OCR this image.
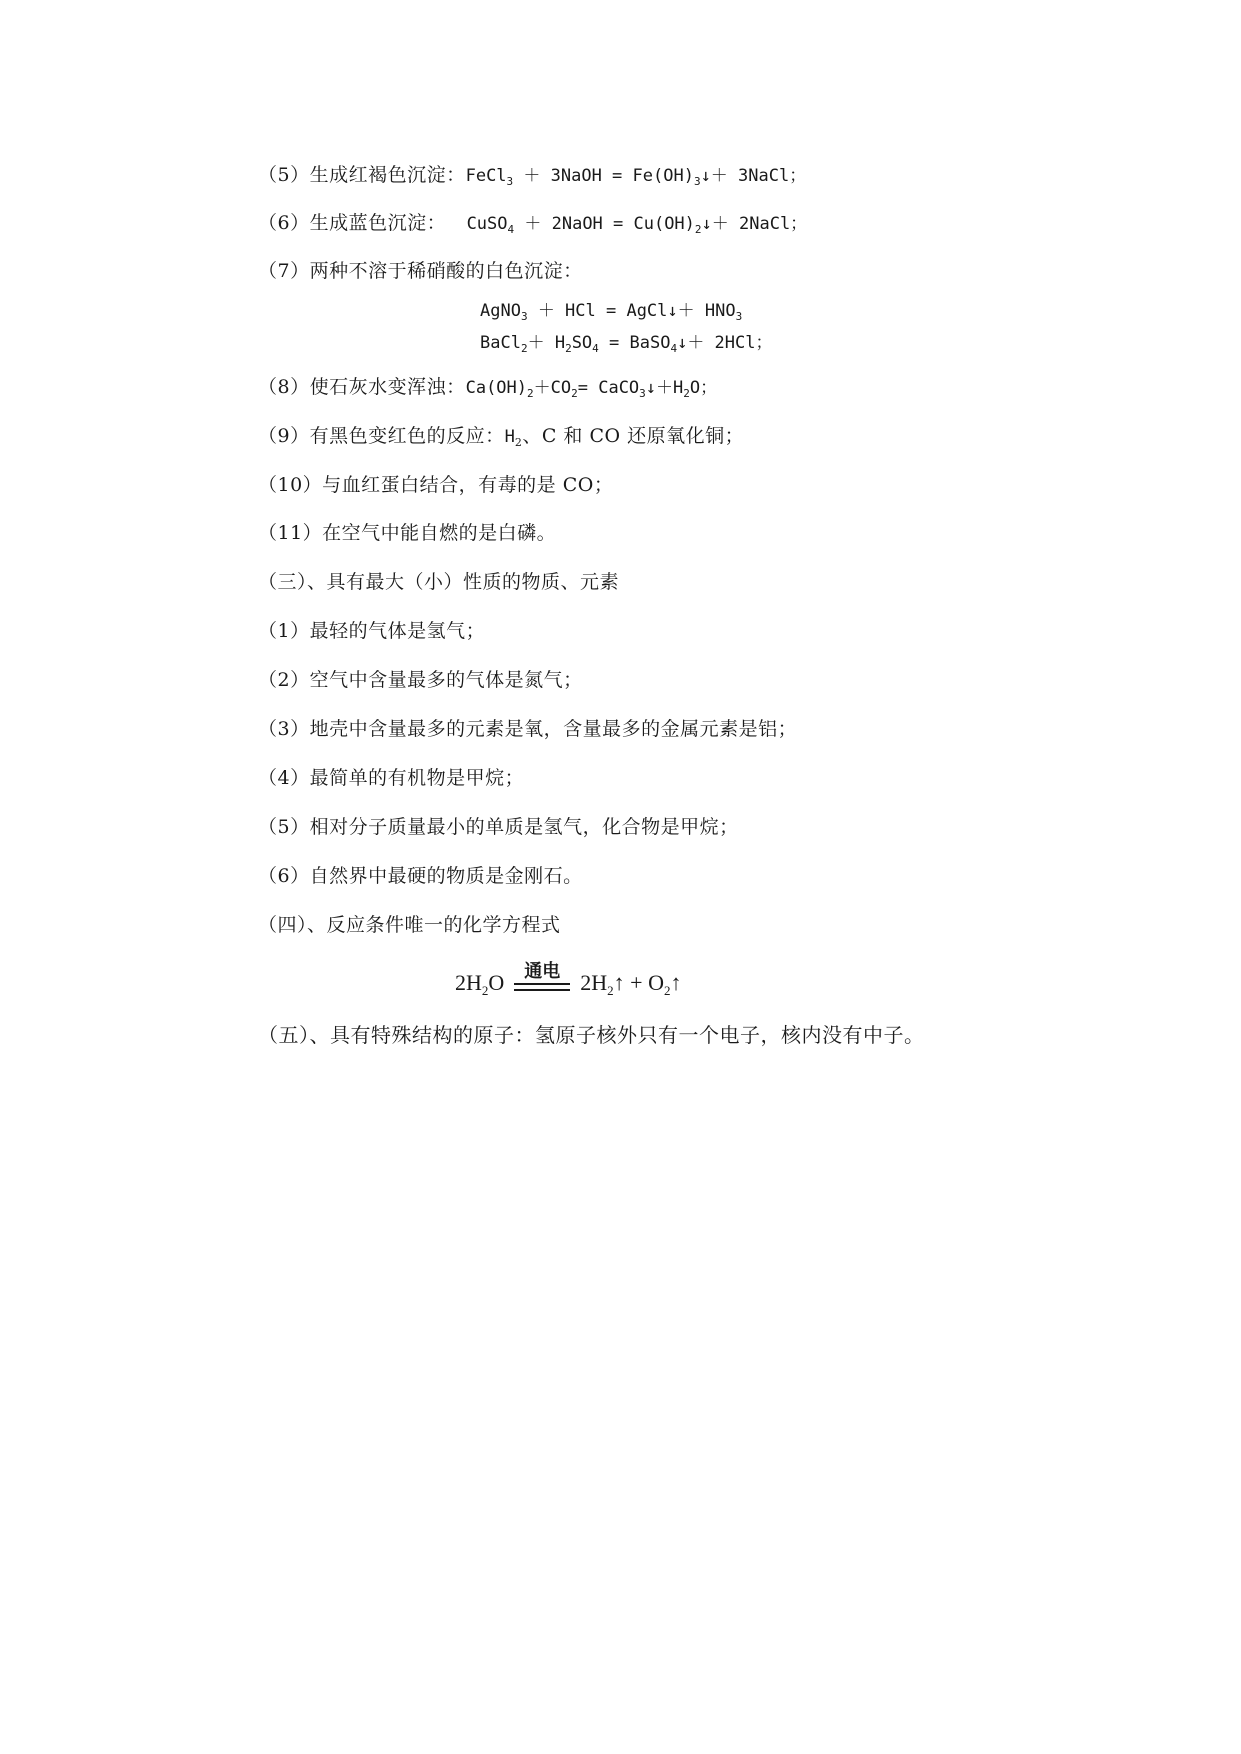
（5）生成红褐色沉淀：FeCl$_3$ ＋ 3NaOH = $Fe(OH)_3↓+$ 3NaCl；
（6）生成蓝色沉淀：  CuSO$_4$ ＋ 2NaOH = $Cu(OH)_2↓+$ 2NaCl；
（7）两种不溶于稀硝酸的白色沉淀：
AgNO$_3$ ＋ HCl = AgCl↓＋ $HNO_3$
BaCl$_2$＋ $H_2SO_4$ = BaSO$_4$↓＋ 2HCl；
（8）使石灰水变浑浊：$Ca(OH)_2+CO_2=$ $CaCO_3↓+H_2O$；
（9）有黑色变红色的反应：$H_2$、C 和 CO 还原氧化铜；
（10）与血红蛋白结合，有毒的是 CO；
（11）在空气中能自燃的是白磷。
（三）、具有最大（小）性质的物质、元素
（1）最轻的气体是氢气；
（2）空气中含量最多的气体是氮气；
（3）地壳中含量最多的元素是氧，含量最多的金属元素是铝；
（4）最简单的有机物是甲烷；
（5）相对分子质量最小的单质是氢气，化合物是甲烷；
（6）自然界中最硬的物质是金刚石。
（四）、反应条件唯一的化学方程式
$2H_2O$	通电 $2H_2↑$ + $O_2↑$
（五）、具有特殊结构的原子：氢原子核外只有一个电子，核内没有中子。
